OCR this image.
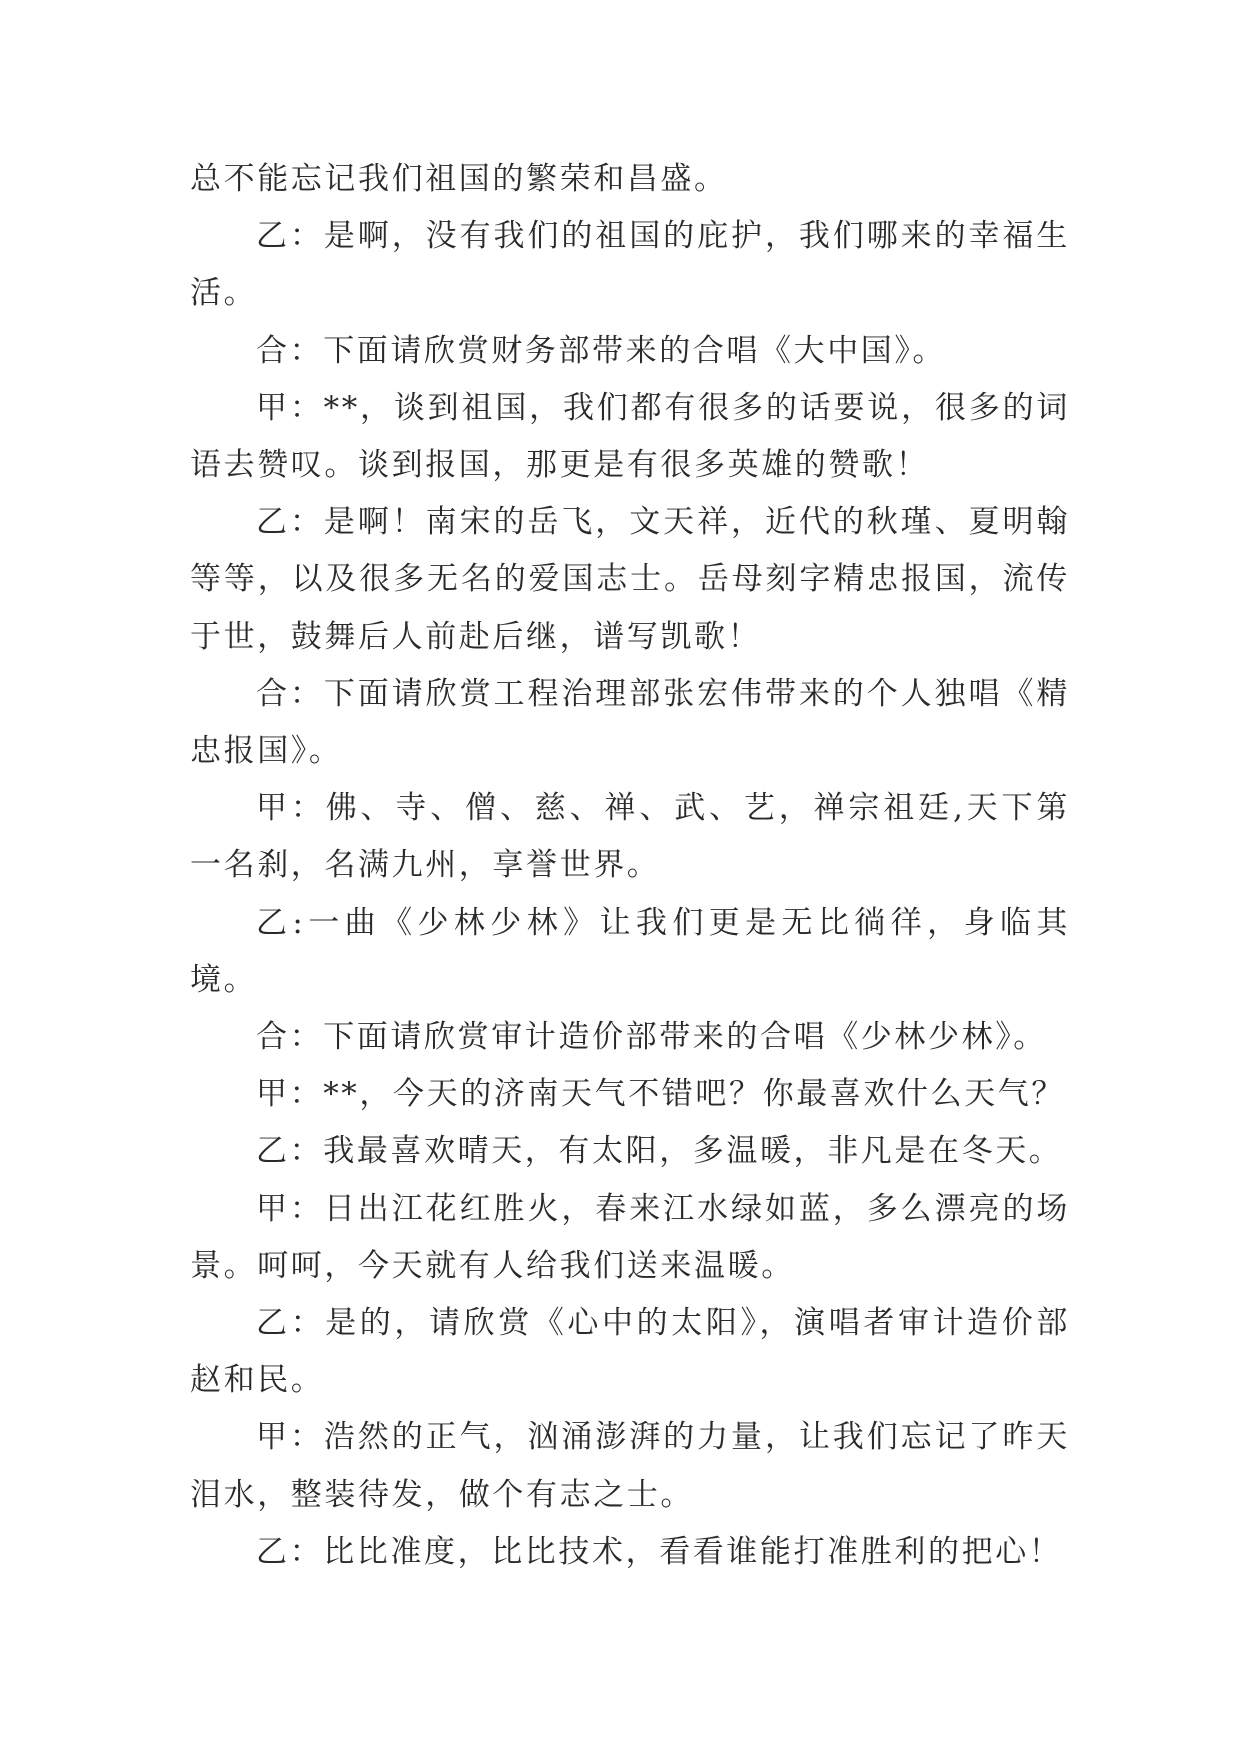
总不能忘记我们祖国的繁荣和昌盛。

乙：是啊，没有我们的祖国的庇护，我们哪来的幸福生活。

合：下面请欣赏财务部带来的合唱《大中国》。

甲：**，谈到祖国，我们都有很多的话要说，很多的词语去赞叹。谈到报国，那更是有很多英雄的赞歌！

乙：是啊！南宋的岳飞，文天祥，近代的秋瑾、夏明翰等等，以及很多无名的爱国志士。岳母刻字精忠报国，流传于世，鼓舞后人前赴后继，谱写凯歌！

合：下面请欣赏工程治理部张宏伟带来的个人独唱《精忠报国》。

甲：佛、寺、僧、慈、禅、武、艺，禅宗祖廷,天下第一名刹，名满九州，享誉世界。

乙:一曲《少林少林》让我们更是无比徜徉，身临其境。

合：下面请欣赏审计造价部带来的合唱《少林少林》。

甲：**，今天的济南天气不错吧？你最喜欢什么天气？

乙：我最喜欢晴天，有太阳，多温暖，非凡是在冬天。

甲：日出江花红胜火，春来江水绿如蓝，多么漂亮的场景。呵呵，今天就有人给我们送来温暖。

乙：是的，请欣赏《心中的太阳》，演唱者审计造价部赵和民。

甲：浩然的正气，汹涌澎湃的力量，让我们忘记了昨天泪水，整装待发，做个有志之士。

乙：比比准度，比比技术，看看谁能打准胜利的把心！
